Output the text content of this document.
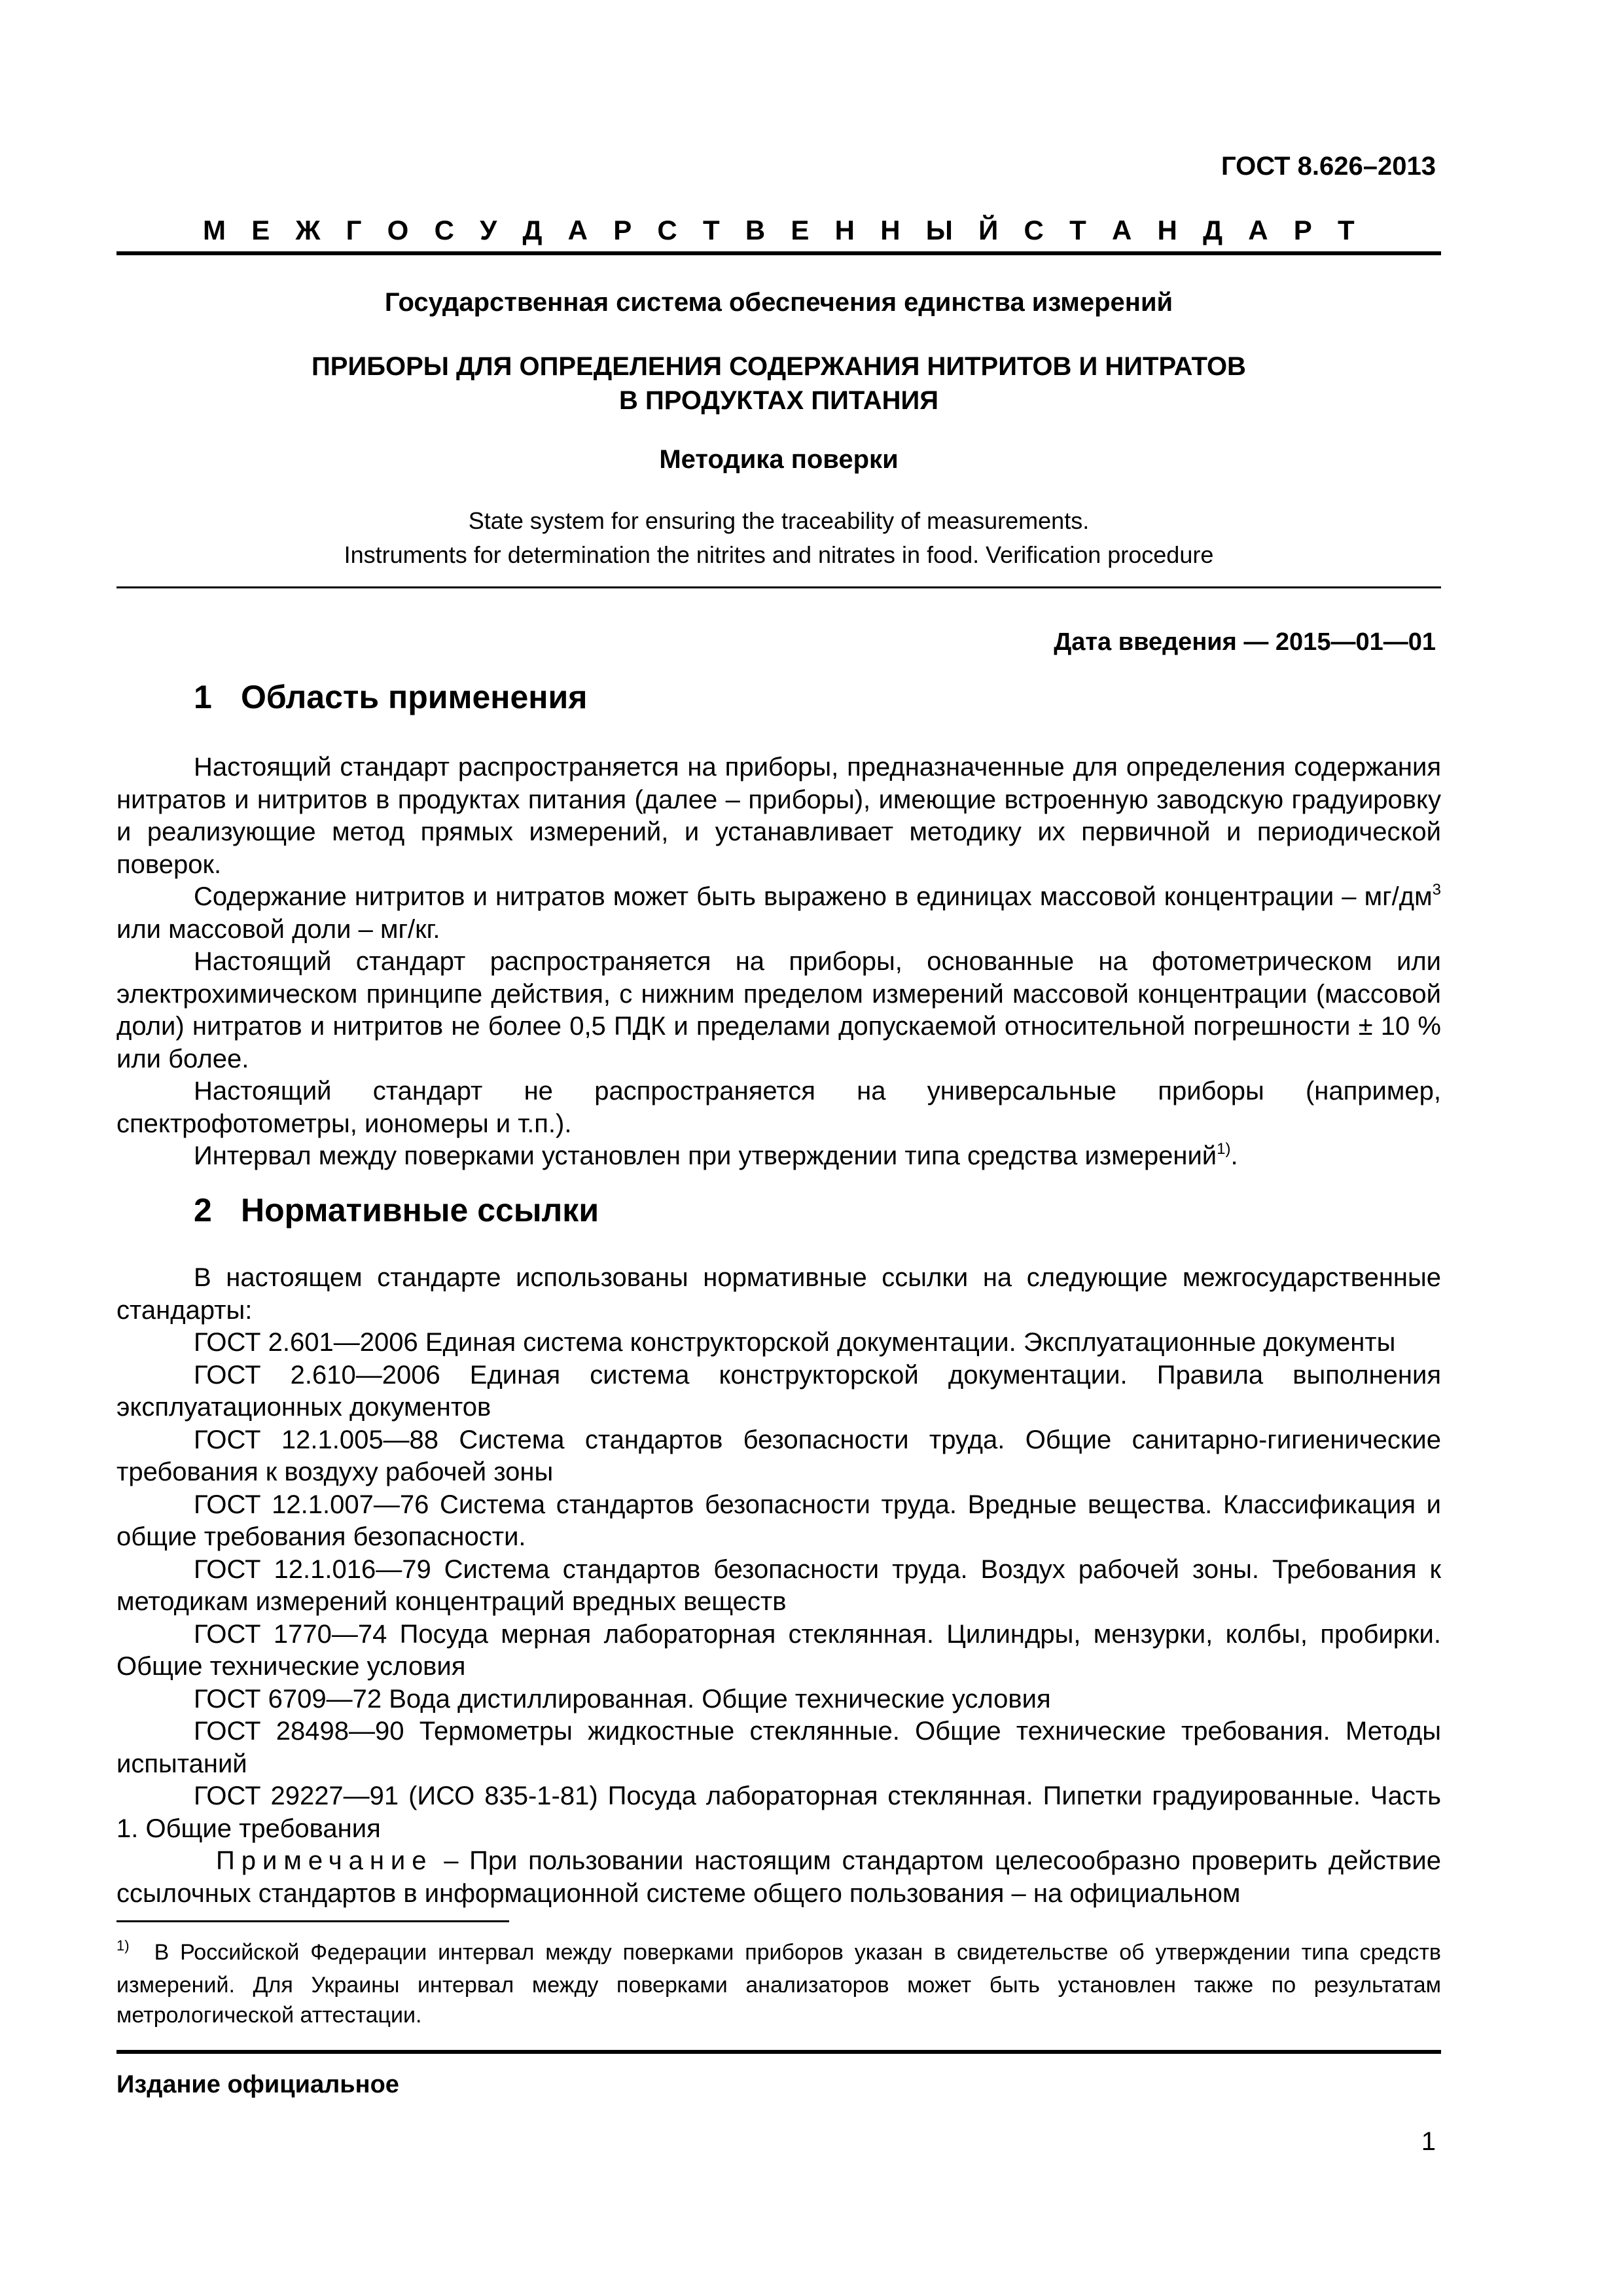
ГОСТ 8.626–2013
М Е Ж Г О С У Д А Р С Т В Е Н Н Ы Й С Т А Н Д А Р Т
Государственная система обеспечения единства измерений
ПРИБОРЫ ДЛЯ ОПРЕДЕЛЕНИЯ СОДЕРЖАНИЯ НИТРИТОВ И НИТРАТОВ
В ПРОДУКТАХ ПИТАНИЯ
Методика поверки
State system for ensuring the traceability of measurements.
Instruments for determination the nitrites and nitrates in food. Verification procedure
Дата введения — 2015—01—01
1 Область применения

Настоящий стандарт распространяется на приборы, предназначенные для определения содержания нитратов и нитритов в продуктах питания (далее – приборы), имеющие встроенную заводскую градуировку и реализующие метод прямых измерений, и устанавливает методику их первичной и периодической поверок.

Содержание нитритов и нитратов может быть выражено в единицах массовой концентрации – $мг/дм^3$ или массовой доли – мг/кг.

Настоящий стандарт распространяется на приборы, основанные на фотометрическом или электрохимическом принципе действия, с нижним пределом измерений массовой концентрации (массовой доли) нитратов и нитритов не более 0,5 ПДК и пределами допускаемой относительной погрешности ± 10 % или более.

Настоящий стандарт не распространяется на универсальные приборы (например, спектрофотометры, иономеры и т.п.).

Интервал между поверками установлен при утверждении типа средства измерений$^{1)}$.

2 Нормативные ссылки

В настоящем стандарте использованы нормативные ссылки на следующие межгосударственные стандарты:

ГОСТ 2.601—2006 Единая система конструкторской документации. Эксплуатационные документы

ГОСТ 2.610—2006 Единая система конструкторской документации. Правила выполнения эксплуатационных документов

ГОСТ 12.1.005—88 Система стандартов безопасности труда. Общие санитарно-гигиенические требования к воздуху рабочей зоны

ГОСТ 12.1.007—76 Система стандартов безопасности труда. Вредные вещества. Классификация и общие требования безопасности.

ГОСТ 12.1.016—79 Система стандартов безопасности труда. Воздух рабочей зоны. Требования к методикам измерений концентраций вредных веществ

ГОСТ 1770—74 Посуда мерная лабораторная стеклянная. Цилиндры, мензурки, колбы, пробирки. Общие технические условия

ГОСТ 6709—72 Вода дистиллированная. Общие технические условия

ГОСТ 28498—90 Термометры жидкостные стеклянные. Общие технические требования. Методы испытаний

ГОСТ 29227—91 (ИСО 835-1-81) Посуда лабораторная стеклянная. Пипетки градуированные. Часть 1. Общие требования

Примечание – При пользовании настоящим стандартом целесообразно проверить действие ссылочных стандартов в информационной системе общего пользования – на официальном

$^{1)}$ В Российской Федерации интервал между поверками приборов указан в свидетельстве об утверждении типа средств измерений. Для Украины интервал между поверками анализаторов может быть установлен также по результатам метрологической аттестации.
Издание официальное
1
